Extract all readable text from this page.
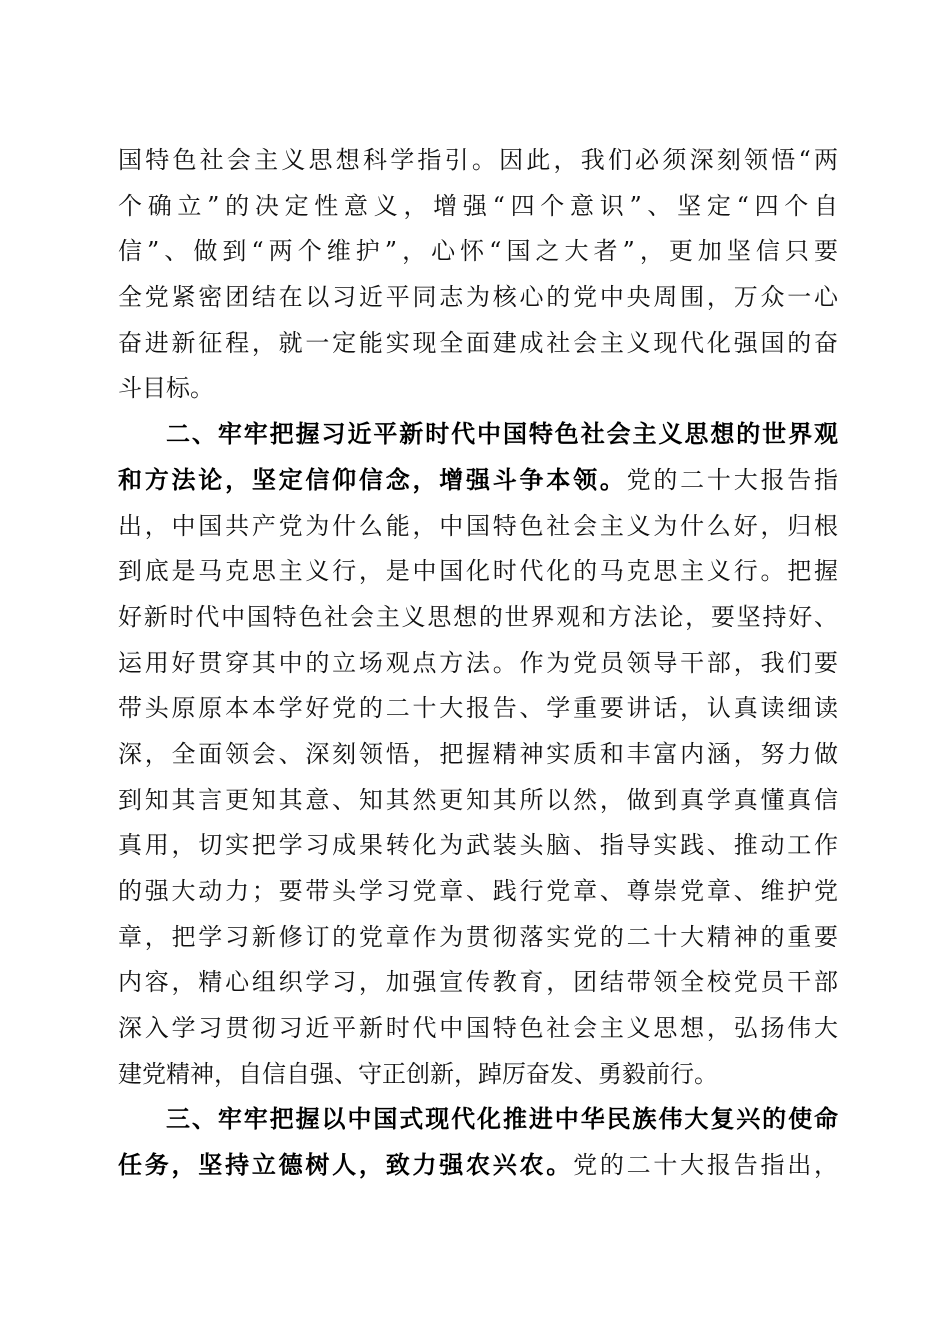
国特色社会主义思想科学指引。因此，我们必须深刻领悟“两
个确立”的决定性意义，增强“四个意识”、坚定“四个自
信”、做到“两个维护”，心怀“国之大者”，更加坚信只要
全党紧密团结在以习近平同志为核心的党中央周围，万众一心
奋进新征程，就一定能实现全面建成社会主义现代化强国的奋
斗目标。
二、牢牢把握习近平新时代中国特色社会主义思想的世界观
和方法论，坚定信仰信念，增强斗争本领。党的二十大报告指
出，中国共产党为什么能，中国特色社会主义为什么好，归根
到底是马克思主义行，是中国化时代化的马克思主义行。把握
好新时代中国特色社会主义思想的世界观和方法论，要坚持好、
运用好贯穿其中的立场观点方法。作为党员领导干部，我们要
带头原原本本学好党的二十大报告、学重要讲话，认真读细读
深，全面领会、深刻领悟，把握精神实质和丰富内涵，努力做
到知其言更知其意、知其然更知其所以然，做到真学真懂真信
真用，切实把学习成果转化为武装头脑、指导实践、推动工作
的强大动力；要带头学习党章、践行党章、尊崇党章、维护党
章，把学习新修订的党章作为贯彻落实党的二十大精神的重要
内容，精心组织学习，加强宣传教育，团结带领全校党员干部
深入学习贯彻习近平新时代中国特色社会主义思想，弘扬伟大
建党精神，自信自强、守正创新，踔厉奋发、勇毅前行。
三、牢牢把握以中国式现代化推进中华民族伟大复兴的使命
任务，坚持立德树人，致力强农兴农。党的二十大报告指出，
